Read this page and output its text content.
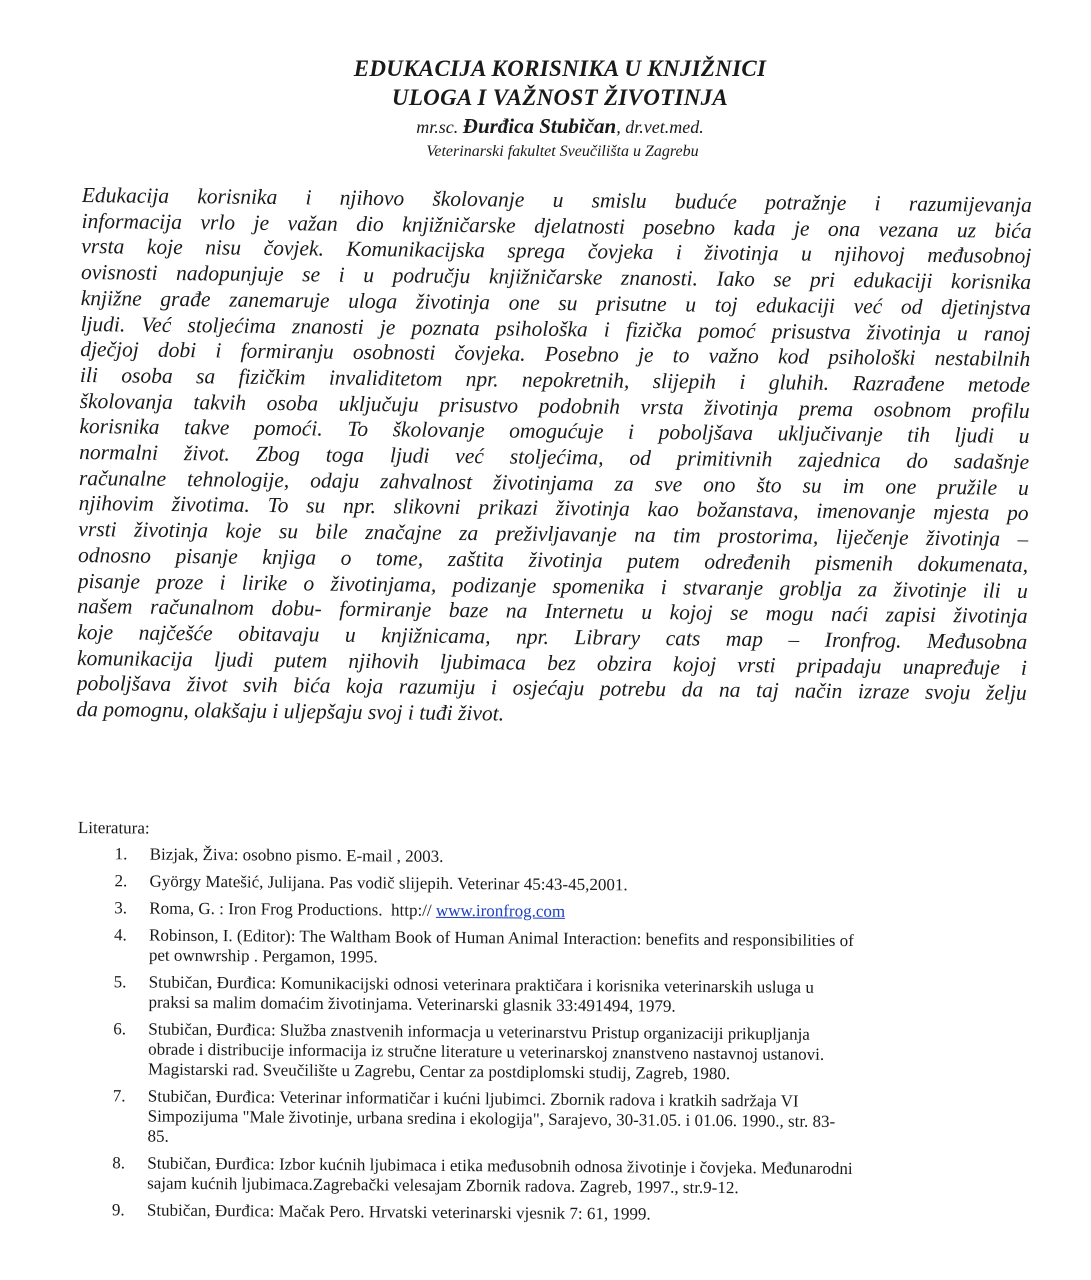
EDUKACIJA KORISNIKA U KNJIŽNICI
ULOGA I VAŽNOST ŽIVOTINJA
mr.sc. Đurđica Stubičan, dr.vet.med.
Veterinarski fakultet Sveučilišta u Zagrebu
Edukacija korisnika i njihovo školovanje u smislu buduće potražnje i razumijevanja
informacija vrlo je važan dio knjižničarske djelatnosti posebno kada je ona vezana uz bića
vrsta koje nisu čovjek. Komunikacijska sprega čovjeka i životinja u njihovoj međusobnoj
ovisnosti nadopunjuje se i u području knjižničarske znanosti. Iako se pri edukaciji korisnika
knjižne građe zanemaruje uloga životinja one su prisutne u toj edukaciji već od djetinjstva
ljudi. Već stoljećima znanosti je poznata psihološka i fizička pomoć prisustva životinja u ranoj
dječjoj dobi i formiranju osobnosti čovjeka. Posebno je to važno kod psihološki nestabilnih
ili osoba sa fizičkim invaliditetom npr. nepokretnih, slijepih i gluhih. Razrađene metode
školovanja takvih osoba uključuju prisustvo podobnih vrsta životinja prema osobnom profilu
korisnika takve pomoći. To školovanje omogućuje i poboljšava uključivanje tih ljudi u
normalni život. Zbog toga ljudi već stoljećima, od primitivnih zajednica do sadašnje
računalne tehnologije, odaju zahvalnost životinjama za sve ono što su im one pružile u
njihovim životima. To su npr. slikovni prikazi životinja kao božanstava, imenovanje mjesta po
vrsti životinja koje su bile značajne za preživljavanje na tim prostorima, liječenje životinja –
odnosno pisanje knjiga o tome, zaštita životinja putem određenih pismenih dokumenata,
pisanje proze i lirike o životinjama, podizanje spomenika i stvaranje groblja za životinje ili u
našem računalnom dobu- formiranje baze na Internetu u kojoj se mogu naći zapisi životinja
koje najčešće obitavaju u knjižnicama, npr. Library cats map – Ironfrog. Međusobna
komunikacija ljudi putem njihovih ljubimaca bez obzira kojoj vrsti pripadaju unapređuje i
poboljšava život svih bića koja razumiju i osjećaju potrebu da na taj način izraze svoju želju
da pomognu, olakšaju i uljepšaju svoj i tuđi život.
Literatura:
1. Bizjak, Živa: osobno pismo. E-mail , 2003.
2. György Matešić, Julijana. Pas vodič slijepih. Veterinar 45:43-45,2001.
3. Roma, G. : Iron Frog Productions.  http:// www.ironfrog.com
4. Robinson, I. (Editor): The Waltham Book of Human Animal Interaction: benefits and responsibilities of
pet ownwrship . Pergamon, 1995.
5. Stubičan, Đurđica: Komunikacijski odnosi veterinara praktičara i korisnika veterinarskih usluga u
praksi sa malim domaćim životinjama. Veterinarski glasnik 33:491494, 1979.
6. Stubičan, Đurđica: Služba znastvenih informacja u veterinarstvu Pristup organizaciji prikupljanja
obrade i distribucije informacija iz stručne literature u veterinarskoj znanstveno nastavnoj ustanovi.
Magistarski rad. Sveučilište u Zagrebu, Centar za postdiplomski studij, Zagreb, 1980.
7. Stubičan, Đurđica: Veterinar informatičar i kućni ljubimci. Zbornik radova i kratkih sadržaja VI
Simpozijuma "Male životinje, urbana sredina i ekologija", Sarajevo, 30-31.05. i 01.06. 1990., str. 83-
85.
8. Stubičan, Đurđica: Izbor kućnih ljubimaca i etika međusobnih odnosa životinje i čovjeka. Međunarodni
sajam kućnih ljubimaca.Zagrebački velesajam Zbornik radova. Zagreb, 1997., str.9-12.
9. Stubičan, Đurđica: Mačak Pero. Hrvatski veterinarski vjesnik 7: 61, 1999.
